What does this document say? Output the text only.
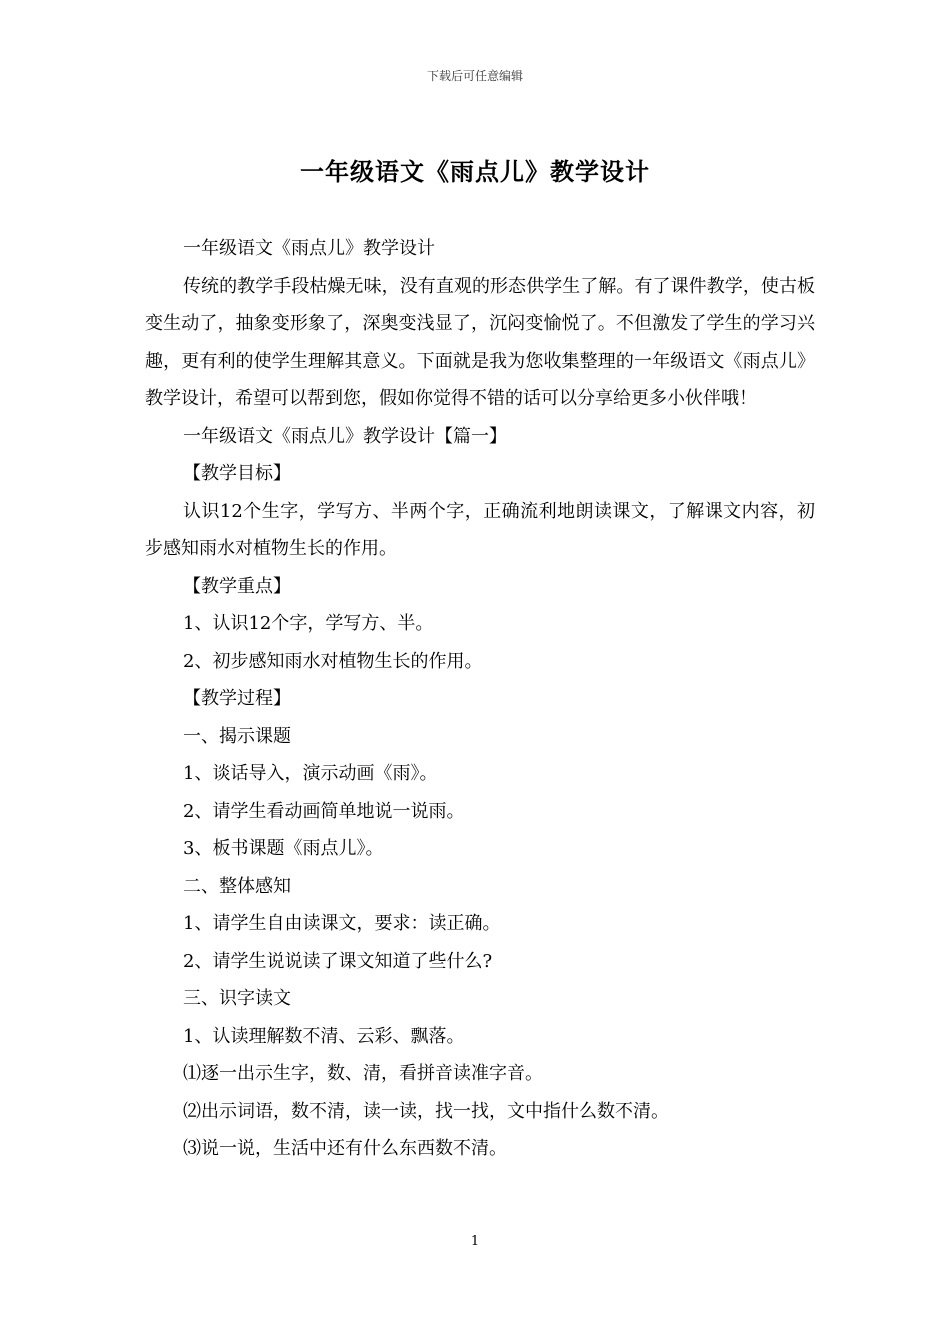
下载后可任意编辑
一年级语文《雨点儿》教学设计

一年级语文《雨点儿》教学设计

传统的教学手段枯燥无味，没有直观的形态供学生了解。有了课件教学，使古板变生动了，抽象变形象了，深奥变浅显了，沉闷变愉悦了。不但激发了学生的学习兴趣，更有利的使学生理解其意义。下面就是我为您收集整理的一年级语文《雨点儿》教学设计，希望可以帮到您，假如你觉得不错的话可以分享给更多小伙伴哦！

一年级语文《雨点儿》教学设计【篇一】

【教学目标】

认识12个生字，学写方、半两个字，正确流利地朗读课文，了解课文内容，初步感知雨水对植物生长的作用。

【教学重点】

1、认识12个字，学写方、半。

2、初步感知雨水对植物生长的作用。

【教学过程】

一、揭示课题

1、谈话导入，演示动画《雨》。

2、请学生看动画简单地说一说雨。

3、板书课题《雨点儿》。

二、整体感知

1、请学生自由读课文，要求：读正确。

2、请学生说说读了课文知道了些什么?

三、识字读文

1、认读理解数不清、云彩、飘落。

⑴逐一出示生字，数、清，看拼音读准字音。

⑵出示词语，数不清，读一读，找一找，文中指什么数不清。

⑶说一说，生活中还有什么东西数不清。

1
